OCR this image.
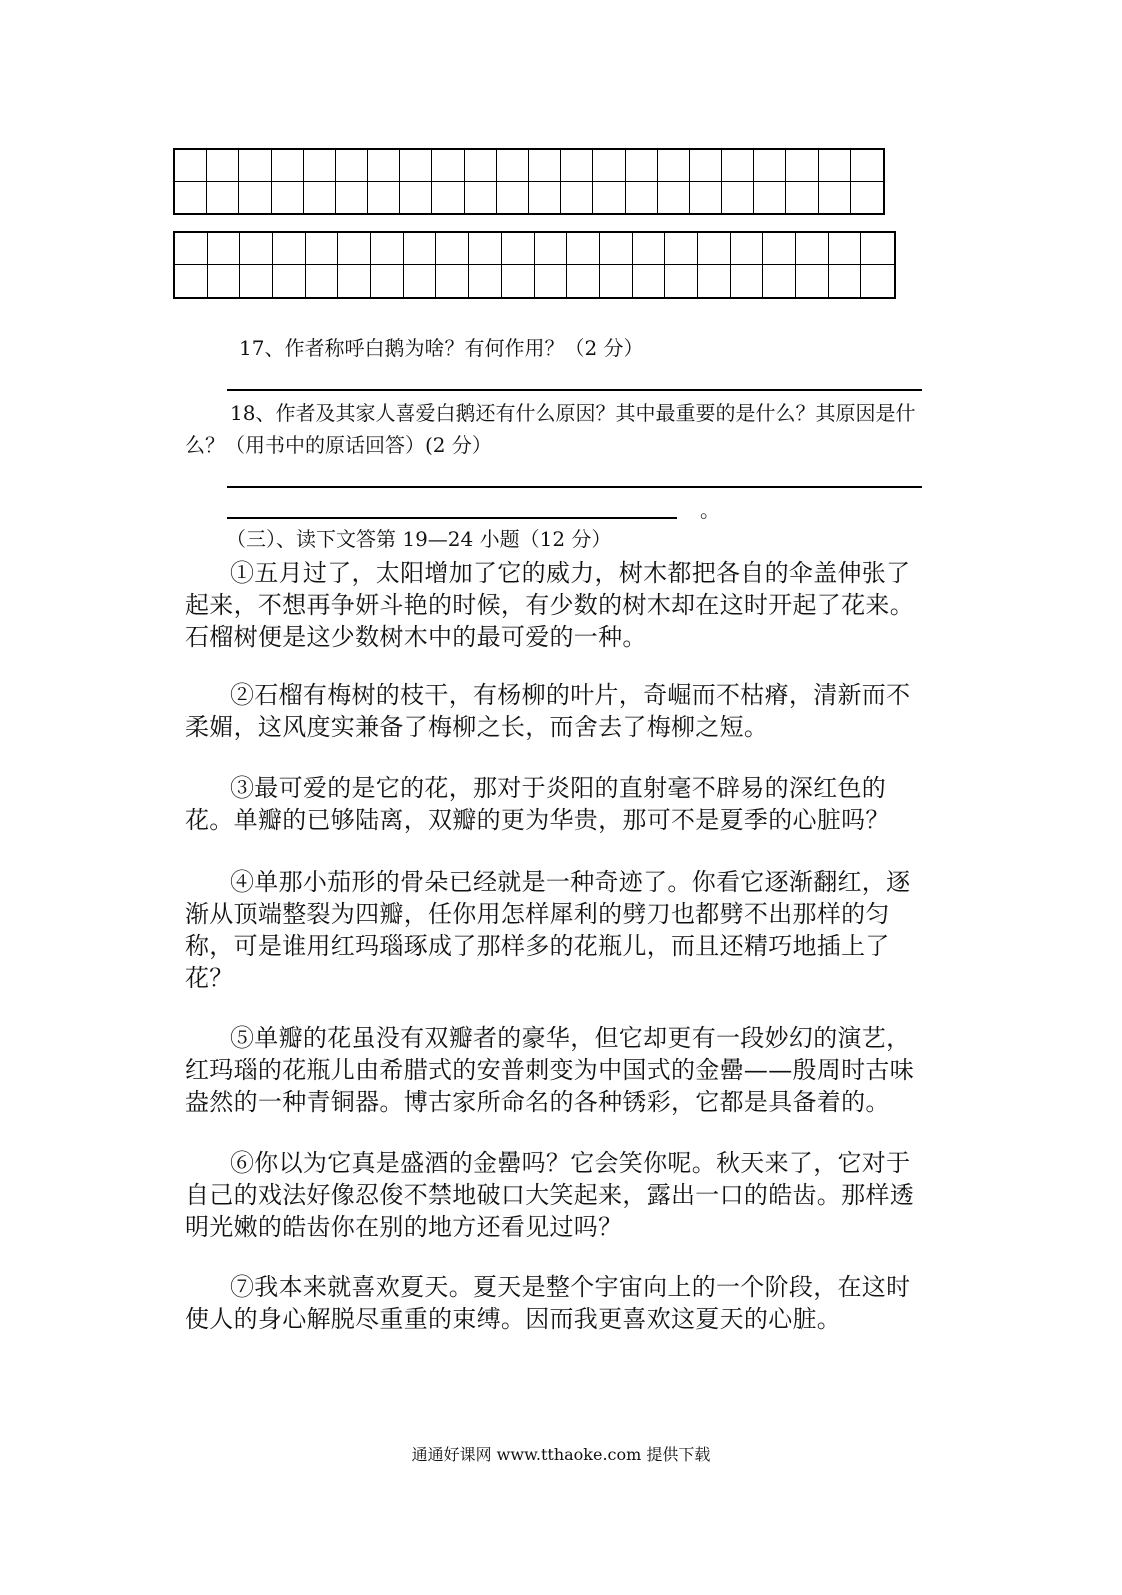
17、作者称呼白鹅为啥？有何作用？（2 分）
18、作者及其家人喜爱白鹅还有什么原因？其中最重要的是什么？其原因是什么？（用书中的原话回答）(2 分）
。
（三）、读下文答第 19—24 小题（12 分）
①五月过了，太阳增加了它的威力，树木都把各自的伞盖伸张了起来，不想再争妍斗艳的时候，有少数的树木却在这时开起了花来。石榴树便是这少数树木中的最可爱的一种。
②石榴有梅树的枝干，有杨柳的叶片，奇崛而不枯瘠，清新而不柔媚，这风度实兼备了梅柳之长，而舍去了梅柳之短。
③最可爱的是它的花，那对于炎阳的直射毫不辟易的深红色的花。单瓣的已够陆离，双瓣的更为华贵，那可不是夏季的心脏吗？
④单那小茄形的骨朵已经就是一种奇迹了。你看它逐渐翻红，逐渐从顶端整裂为四瓣，任你用怎样犀利的劈刀也都劈不出那样的匀称，可是谁用红玛瑙琢成了那样多的花瓶儿，而且还精巧地插上了花？
⑤单瓣的花虽没有双瓣者的豪华，但它却更有一段妙幻的演艺，红玛瑙的花瓶儿由希腊式的安普刺变为中国式的金罍——殷周时古味盎然的一种青铜器。博古家所命名的各种锈彩，它都是具备着的。
⑥你以为它真是盛酒的金罍吗？它会笑你呢。秋天来了，它对于自己的戏法好像忍俊不禁地破口大笑起来，露出一口的皓齿。那样透明光嫩的皓齿你在别的地方还看见过吗？
⑦我本来就喜欢夏天。夏天是整个宇宙向上的一个阶段，在这时使人的身心解脱尽重重的束缚。因而我更喜欢这夏天的心脏。
通通好课网 www.tthaoke.com 提供下载
